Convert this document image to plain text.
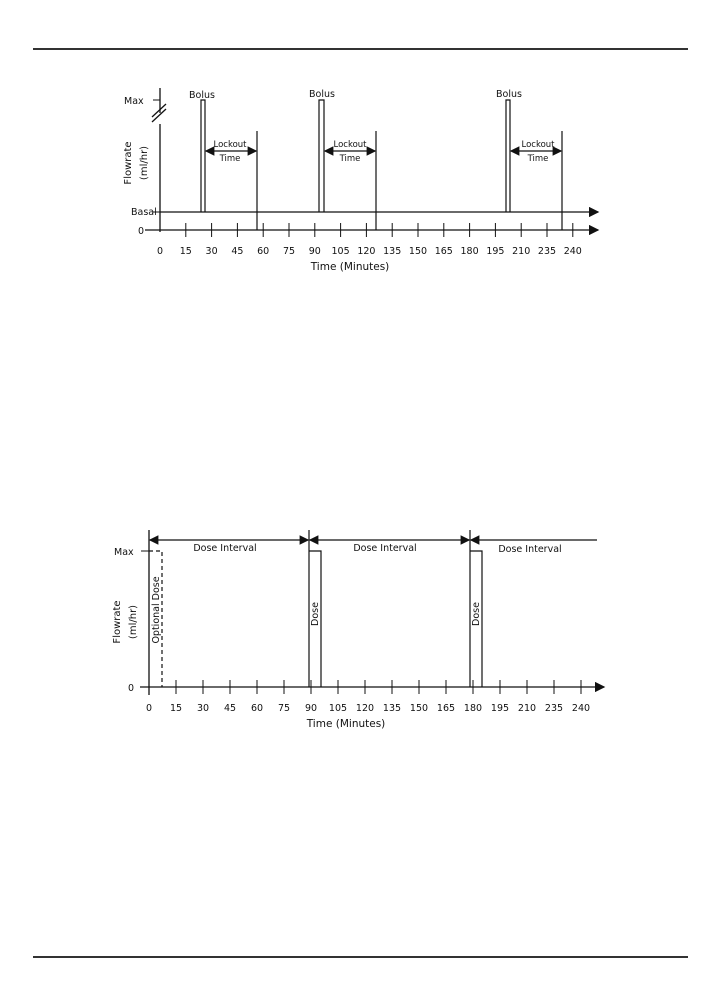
Max
Basal
0
Flowrate (ml/hr)
0 15 30 45 60 75 90 105 120 135 150 165 180 195 210 235 240
Time (Minutes)
Bolus	Bolus	Bolus
Lockout
Time
Lockout
Time
Lockout
Time
Max
0
Flowrate (ml/hr)
0 15 30 45 60 75 90 105 120 135 150 165 180 195 210 235 240
Time (Minutes)
Dose Interval	Dose Interval	Dose Interval
Optional Dose	Dose	Dose
